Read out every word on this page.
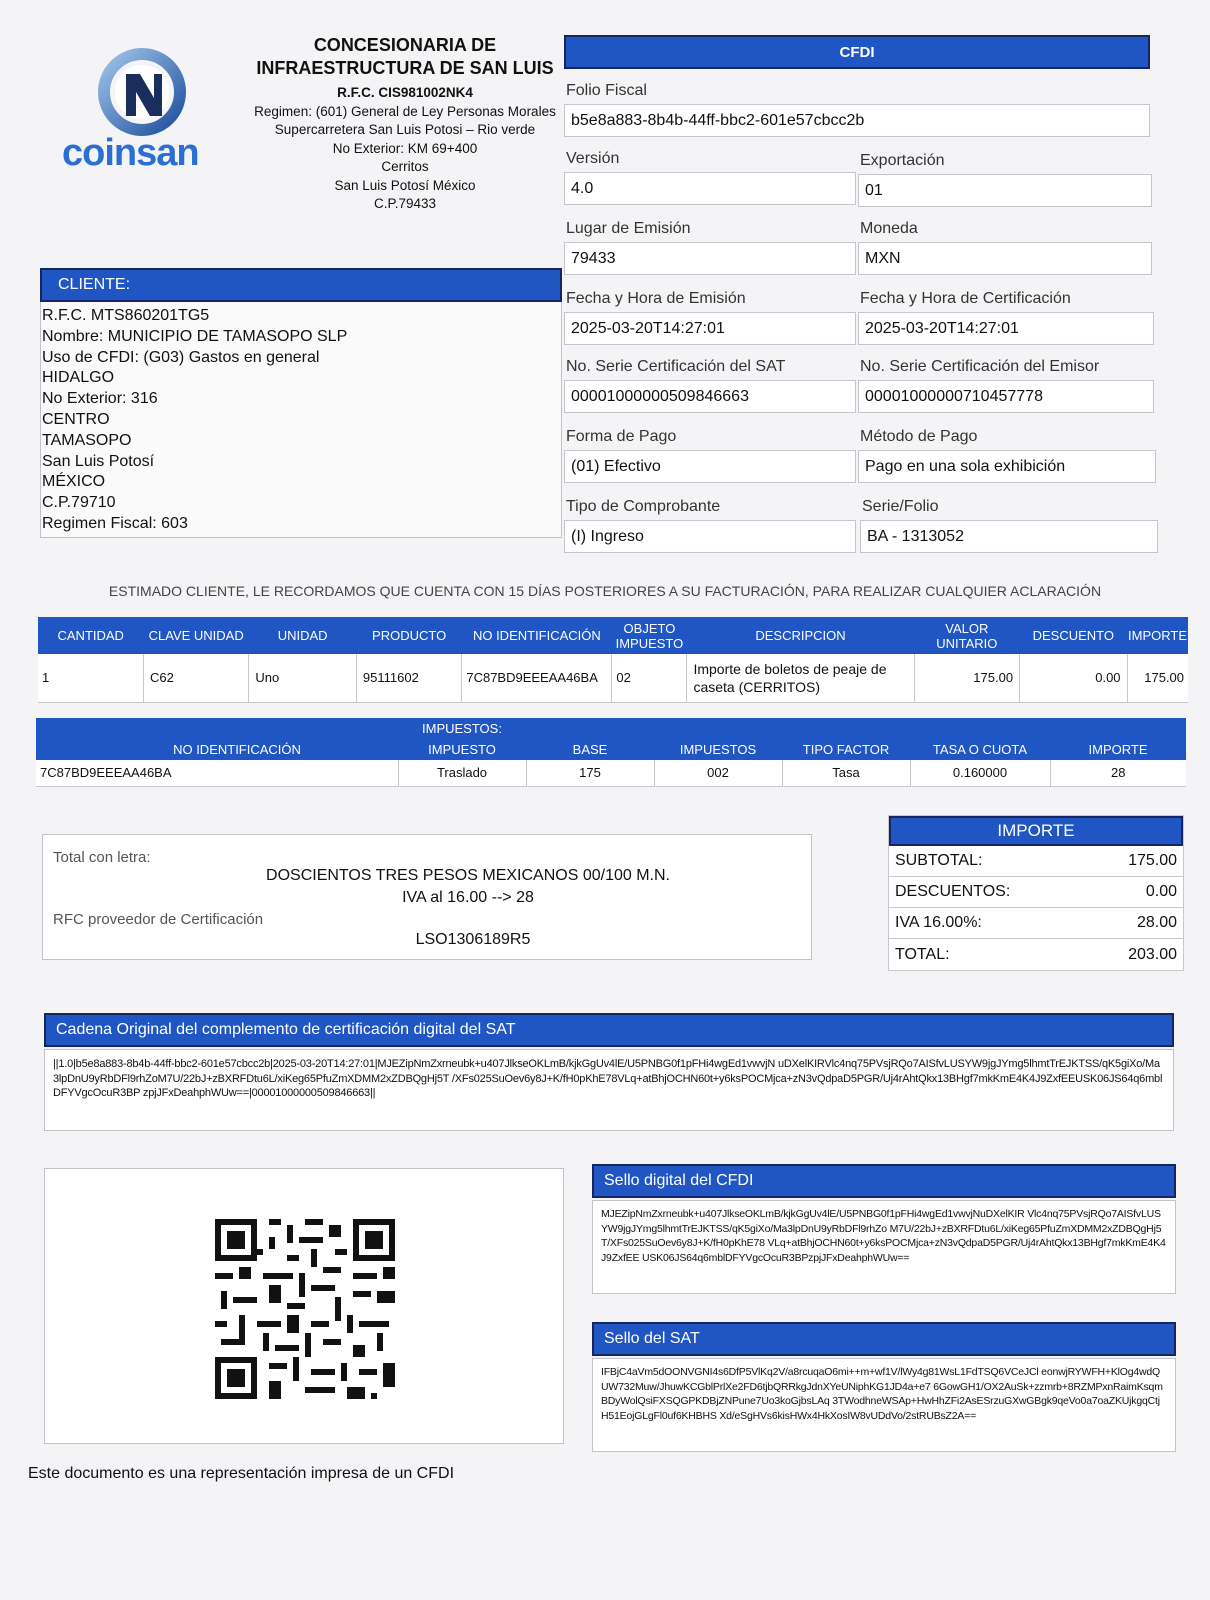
coinsan
CONCESIONARIA DE INFRAESTRUCTURA DE SAN LUIS
R.F.C. CIS981002NK4
Regimen: (601) General de Ley Personas Morales
Supercarretera San Luis Potosi – Rio verde
No Exterior: KM 69+400
Cerritos
San Luis Potosí México
C.P.79433
CFDI
Folio Fiscal
b5e8a883-8b4b-44ff-bbc2-601e57cbcc2b
Versión
4.0
Exportación
01
Lugar de Emisión
79433
Moneda
MXN
Fecha y Hora de Emisión
2025-03-20T14:27:01
Fecha y Hora de Certificación
2025-03-20T14:27:01
No. Serie Certificación del SAT
00001000000509846663
No. Serie Certificación del Emisor
00001000000710457778
Forma de Pago
(01) Efectivo
Método de Pago
Pago en una sola exhibición
Tipo de Comprobante
(I) Ingreso
Serie/Folio
BA - 1313052
CLIENTE:
R.F.C. MTS860201TG5
Nombre: MUNICIPIO DE TAMASOPO SLP
Uso de CFDI: (G03) Gastos en general
HIDALGO
No Exterior: 316
CENTRO
TAMASOPO
San Luis Potosí
MÉXICO
C.P.79710
Regimen Fiscal: 603
ESTIMADO CLIENTE, LE RECORDAMOS QUE CUENTA CON 15 DÍAS POSTERIORES A SU FACTURACIÓN, PARA REALIZAR CUALQUIER ACLARACIÓN
CANTIDAD	CLAVE UNIDAD	UNIDAD	PRODUCTO	NO IDENTIFICACIÓN	OBJETO IMPUESTO	DESCRIPCION	VALOR UNITARIO	DESCUENTO	IMPORTE
1	C62	Uno	95111602	7C87BD9EEEAA46BA	02	Importe de boletos de peaje de caseta (CERRITOS)	175.00	0.00	175.00
IMPUESTOS:						
NO IDENTIFICACIÓN	IMPUESTO	BASE	IMPUESTOS	TIPO FACTOR	TASA O CUOTA	IMPORTE
7C87BD9EEEAA46BA	Traslado	175	002	Tasa	0.160000	28
Total con letra:
DOSCIENTOS TRES PESOS MEXICANOS 00/100 M.N.
IVA al 16.00 --> 28
RFC proveedor de Certificación
LSO1306189R5
IMPORTE
SUBTOTAL:	175.00
DESCUENTOS:	0.00
IVA 16.00%:	28.00
TOTAL:	203.00
Cadena Original del complemento de certificación digital del SAT
||1.0|b5e8a883-8b4b-44ff-bbc2-601e57cbcc2b|2025-03-20T14:27:01|MJEZipNmZxrneubk+u407JlkseOKLmB/kjkGgUv4lE/U5PNBG0f1pFHi4wgEd1vwvjN uDXelKIRVlc4nq75PVsjRQo7AISfvLUSYW9jgJYmg5lhmtTrEJKTSS/qK5giXo/Ma3lpDnU9yRbDFl9rhZoM7U/22bJ+zBXRFDtu6L/xiKeg65PfuZmXDMM2xZDBQgHj5T /XFs025SuOev6y8J+K/fH0pKhE78VLq+atBhjOCHN60t+y6ksPOCMjca+zN3vQdpaD5PGR/Uj4rAhtQkx13BHgf7mkKmE4K4J9ZxfEEUSK06JS64q6mblDFYVgcOcuR3BP zpjJFxDeahphWUw==|00001000000509846663||
Sello digital del CFDI
MJEZipNmZxrneubk+u407JlkseOKLmB/kjkGgUv4lE/U5PNBG0f1pFHi4wgEd1vwvjNuDXelKIR Vlc4nq75PVsjRQo7AISfvLUSYW9jgJYmg5lhmtTrEJKTSS/qK5giXo/Ma3lpDnU9yRbDFl9rhZo M7U/22bJ+zBXRFDtu6L/xiKeg65PfuZmXDMM2xZDBQgHj5T/XFs025SuOev6y8J+K/fH0pKhE78 VLq+atBhjOCHN60t+y6ksPOCMjca+zN3vQdpaD5PGR/Uj4rAhtQkx13BHgf7mkKmE4K4J9ZxfEE USK06JS64q6mblDFYVgcOcuR3BPzpjJFxDeahphWUw==
Sello del SAT
IFBjC4aVm5dOONVGNI4s6DfP5VlKq2V/a8rcuqaO6mi++m+wf1V/lWy4g81WsL1FdTSQ6VCeJCl eonwjRYWFH+KlOg4wdQUW732Muw/JhuwKCGblPrlXe2FD6tjbQRRkgJdnXYeUNiphKG1JD4a+e7 6GowGH1/OX2AuSk+zzmrb+8RZMPxnRaimKsqmBDyWolQsiFXSQGPKDBjZNPune7Uo3koGjbsLAq 3TWodhneWSAp+HwHhZFi2AsESrzuGXwGBgk9qeVo0a7oaZKUjkgqCtjH51EojGLgFl0uf6KHBHS Xd/eSgHVs6kisHWx4HkXosIW8vUDdVo/2stRUBsZ2A==
Este documento es una representación impresa de un CFDI
